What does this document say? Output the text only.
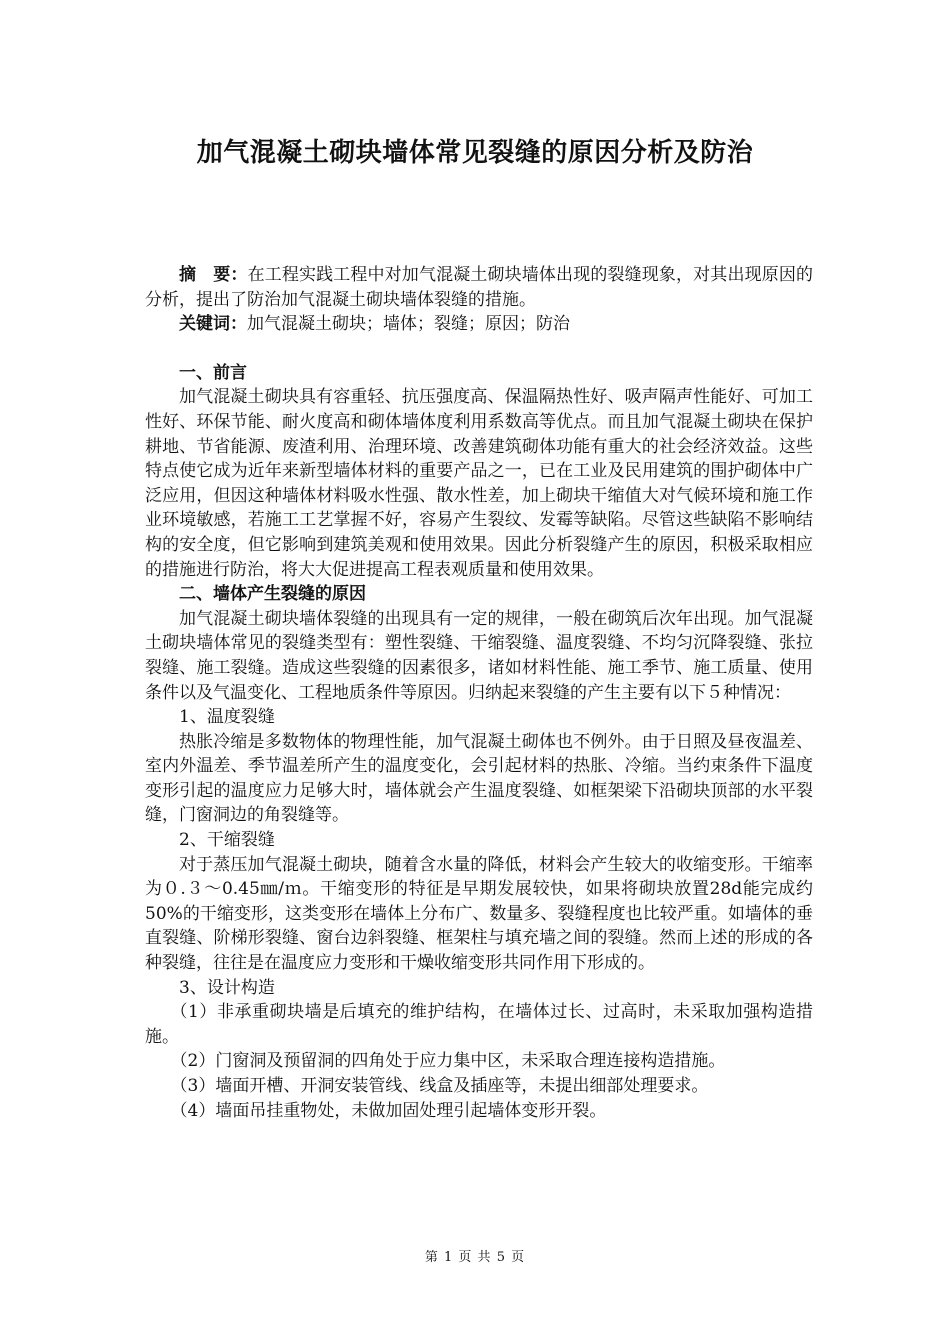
加气混凝土砌块墙体常见裂缝的原因分析及防治

摘　要：在工程实践工程中对加气混凝土砌块墙体出现的裂缝现象，对其出现原因的分析，提出了防治加气混凝土砌块墙体裂缝的措施。

关键词：加气混凝土砌块；墙体；裂缝；原因；防治

一、前言

加气混凝土砌块具有容重轻、抗压强度高、保温隔热性好、吸声隔声性能好、可加工性好、环保节能、耐火度高和砌体墙体度利用系数高等优点。而且加气混凝土砌块在保护耕地、节省能源、废渣利用、治理环境、改善建筑砌体功能有重大的社会经济效益。这些特点使它成为近年来新型墙体材料的重要产品之一，已在工业及民用建筑的围护砌体中广泛应用，但因这种墙体材料吸水性强、散水性差，加上砌块干缩值大对气候环境和施工作业环境敏感，若施工工艺掌握不好，容易产生裂纹、发霉等缺陷。尽管这些缺陷不影响结构的安全度，但它影响到建筑美观和使用效果。因此分析裂缝产生的原因，积极采取相应的措施进行防治，将大大促进提高工程表观质量和使用效果。

二、墙体产生裂缝的原因

加气混凝土砌块墙体裂缝的出现具有一定的规律，一般在砌筑后次年出现。加气混凝土砌块墙体常见的裂缝类型有：塑性裂缝、干缩裂缝、温度裂缝、不均匀沉降裂缝、张拉裂缝、施工裂缝。造成这些裂缝的因素很多，诸如材料性能、施工季节、施工质量、使用条件以及气温变化、工程地质条件等原因。归纳起来裂缝的产生主要有以下５种情况：

1、温度裂缝

热胀冷缩是多数物体的物理性能，加气混凝土砌体也不例外。由于日照及昼夜温差、室内外温差、季节温差所产生的温度变化，会引起材料的热胀、冷缩。当约束条件下温度变形引起的温度应力足够大时，墙体就会产生温度裂缝、如框架梁下沿砌块顶部的水平裂缝，门窗洞边的角裂缝等。

2、干缩裂缝

对于蒸压加气混凝土砌块，随着含水量的降低，材料会产生较大的收缩变形。干缩率为０.３～0.45㎜/ｍ。干缩变形的特征是早期发展较快，如果将砌块放置28d能完成约50%的干缩变形，这类变形在墙体上分布广、数量多、裂缝程度也比较严重。如墙体的垂直裂缝、阶梯形裂缝、窗台边斜裂缝、框架柱与填充墙之间的裂缝。然而上述的形成的各种裂缝，往往是在温度应力变形和干燥收缩变形共同作用下形成的。

3、设计构造

（1）非承重砌块墙是后填充的维护结构，在墙体过长、过高时，未采取加强构造措施。

（2）门窗洞及预留洞的四角处于应力集中区，未采取合理连接构造措施。

（3）墙面开槽、开洞安装管线、线盒及插座等，未提出细部处理要求。

（4）墙面吊挂重物处，未做加固处理引起墙体变形开裂。

第 1 页 共 5 页
